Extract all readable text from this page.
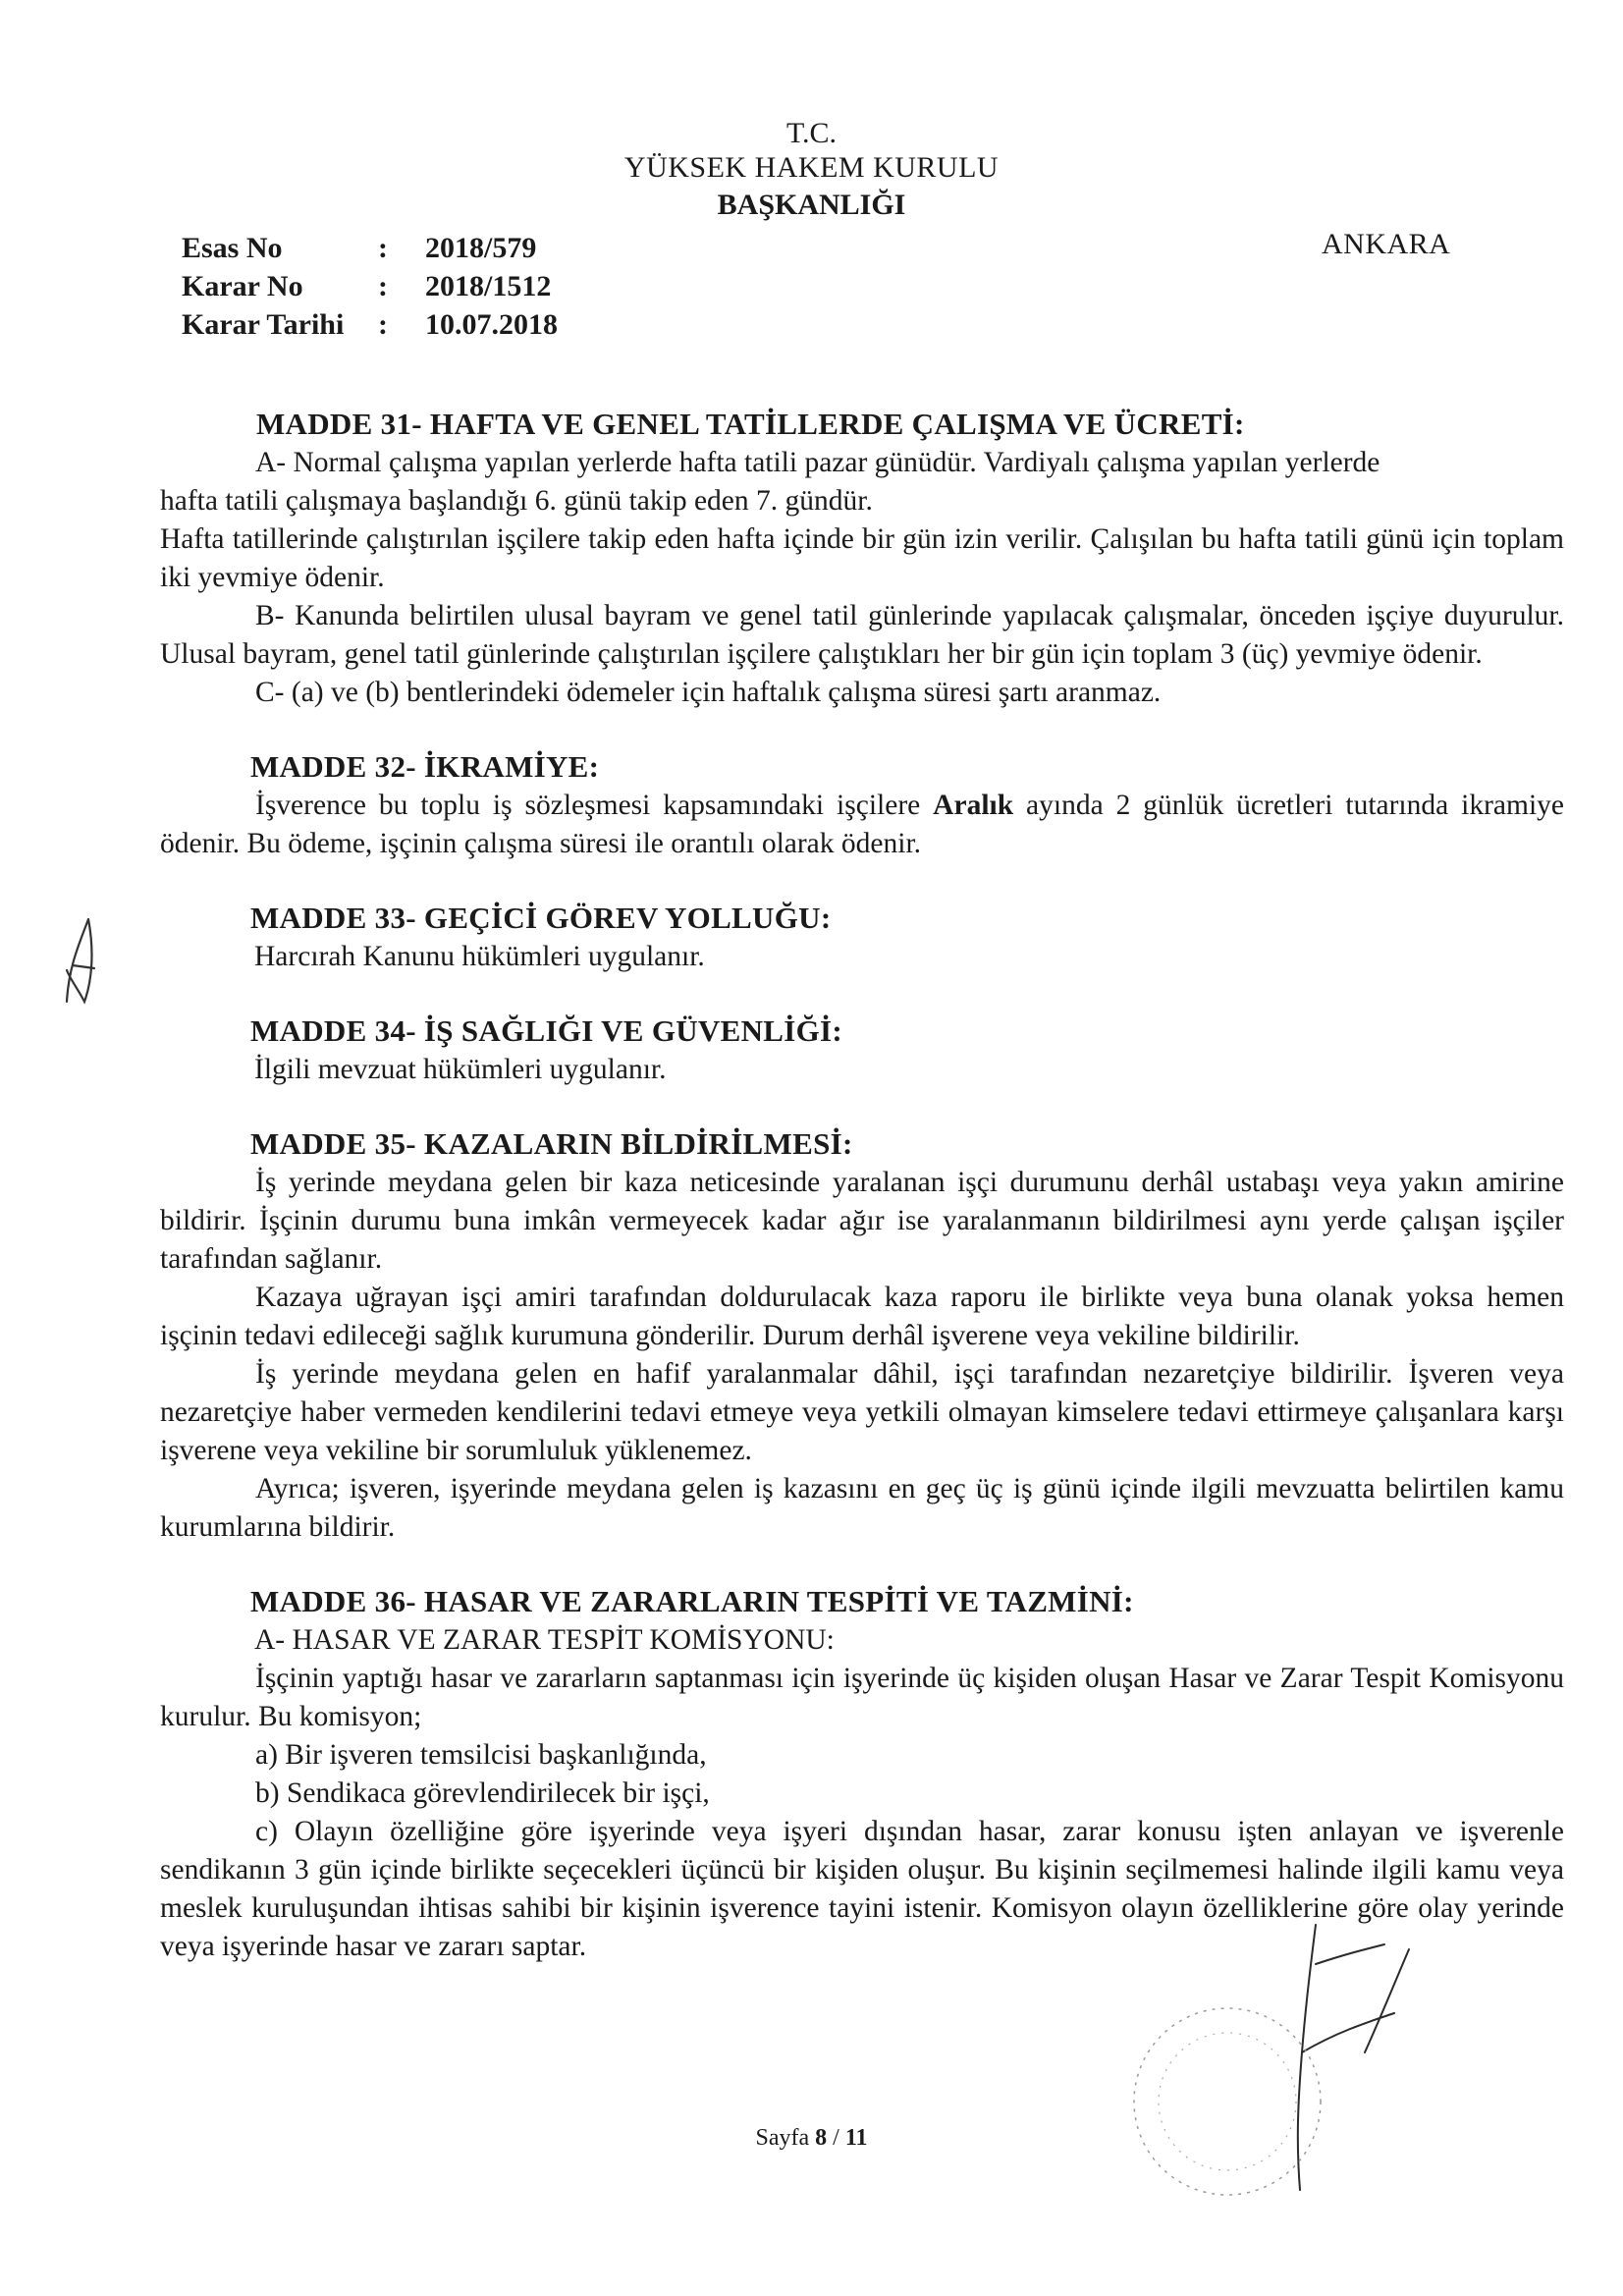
T.C.
YÜKSEK HAKEM KURULU
BAŞKANLIĞI
Esas No	:	2018/579
Karar No	:	2018/1512
Karar Tarihi	:	10.07.2018
ANKARA

MADDE 31- HAFTA VE GENEL TATİLLERDE ÇALIŞMA VE ÜCRETİ:

A- Normal çalışma yapılan yerlerde hafta tatili pazar günüdür. Vardiyalı çalışma yapılan yerlerde

hafta tatili çalışmaya başlandığı 6. günü takip eden 7. gündür.

Hafta tatillerinde çalıştırılan işçilere takip eden hafta içinde bir gün izin verilir. Çalışılan bu hafta tatili günü için toplam iki yevmiye ödenir.

B- Kanunda belirtilen ulusal bayram ve genel tatil günlerinde yapılacak çalışmalar, önceden işçiye duyurulur. Ulusal bayram, genel tatil günlerinde çalıştırılan işçilere çalıştıkları her bir gün için toplam 3 (üç) yevmiye ödenir.

C- (a) ve (b) bentlerindeki ödemeler için haftalık çalışma süresi şartı aranmaz.

MADDE 32- İKRAMİYE:

İşverence bu toplu iş sözleşmesi kapsamındaki işçilere Aralık ayında 2 günlük ücretleri tutarında ikramiye ödenir. Bu ödeme, işçinin çalışma süresi ile orantılı olarak ödenir.

MADDE 33- GEÇİCİ GÖREV YOLLUĞU:

Harcırah Kanunu hükümleri uygulanır.

MADDE 34- İŞ SAĞLIĞI VE GÜVENLİĞİ:

İlgili mevzuat hükümleri uygulanır.

MADDE 35- KAZALARIN BİLDİRİLMESİ:

İş yerinde meydana gelen bir kaza neticesinde yaralanan işçi durumunu derhâl ustabaşı veya yakın amirine bildirir. İşçinin durumu buna imkân vermeyecek kadar ağır ise yaralanmanın bildirilmesi aynı yerde çalışan işçiler tarafından sağlanır.

Kazaya uğrayan işçi amiri tarafından doldurulacak kaza raporu ile birlikte veya buna olanak yoksa hemen işçinin tedavi edileceği sağlık kurumuna gönderilir. Durum derhâl işverene veya vekiline bildirilir.

İş yerinde meydana gelen en hafif yaralanmalar dâhil, işçi tarafından nezaretçiye bildirilir. İşveren veya nezaretçiye haber vermeden kendilerini tedavi etmeye veya yetkili olmayan kimselere tedavi ettirmeye çalışanlara karşı işverene veya vekiline bir sorumluluk yüklenemez.

Ayrıca; işveren, işyerinde meydana gelen iş kazasını en geç üç iş günü içinde ilgili mevzuatta belirtilen kamu kurumlarına bildirir.

MADDE 36- HASAR VE ZARARLARIN TESPİTİ VE TAZMİNİ:

A- HASAR VE ZARAR TESPİT KOMİSYONU:

İşçinin yaptığı hasar ve zararların saptanması için işyerinde üç kişiden oluşan Hasar ve Zarar Tespit Komisyonu kurulur. Bu komisyon;

a) Bir işveren temsilcisi başkanlığında,

b) Sendikaca görevlendirilecek bir işçi,

c) Olayın özelliğine göre işyerinde veya işyeri dışından hasar, zarar konusu işten anlayan ve işverenle sendikanın 3 gün içinde birlikte seçecekleri üçüncü bir kişiden oluşur. Bu kişinin seçilmemesi halinde ilgili kamu veya meslek kuruluşundan ihtisas sahibi bir kişinin işverence tayini istenir. Komisyon olayın özelliklerine göre olay yerinde veya işyerinde hasar ve zararı saptar.

Sayfa 8 / 11
